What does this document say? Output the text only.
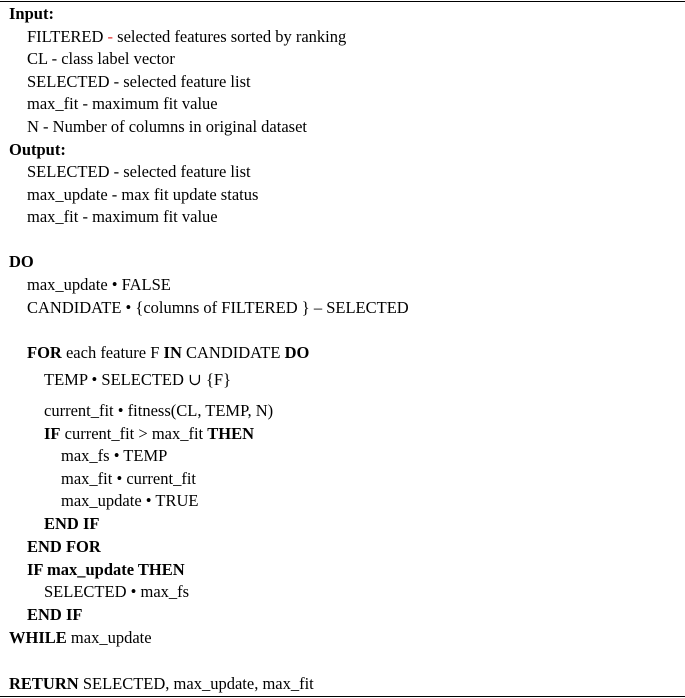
Input:
FILTERED - selected features sorted by ranking
CL - class label vector
SELECTED - selected feature list
max_fit - maximum fit value
N - Number of columns in original dataset
Output:
SELECTED - selected feature list
max_update - max fit update status
max_fit - maximum fit value
DO
max_update • FALSE
CANDIDATE • {columns of FILTERED } – SELECTED
FOR each feature F IN CANDIDATE DO
TEMP • SELECTED ∪ {F}
current_fit • fitness(CL, TEMP, N)
IF current_fit > max_fit THEN
max_fs • TEMP
max_fit • current_fit
max_update • TRUE
END IF
END FOR
IF max_update THEN
SELECTED • max_fs
END IF
WHILE max_update
RETURN SELECTED, max_update, max_fit
